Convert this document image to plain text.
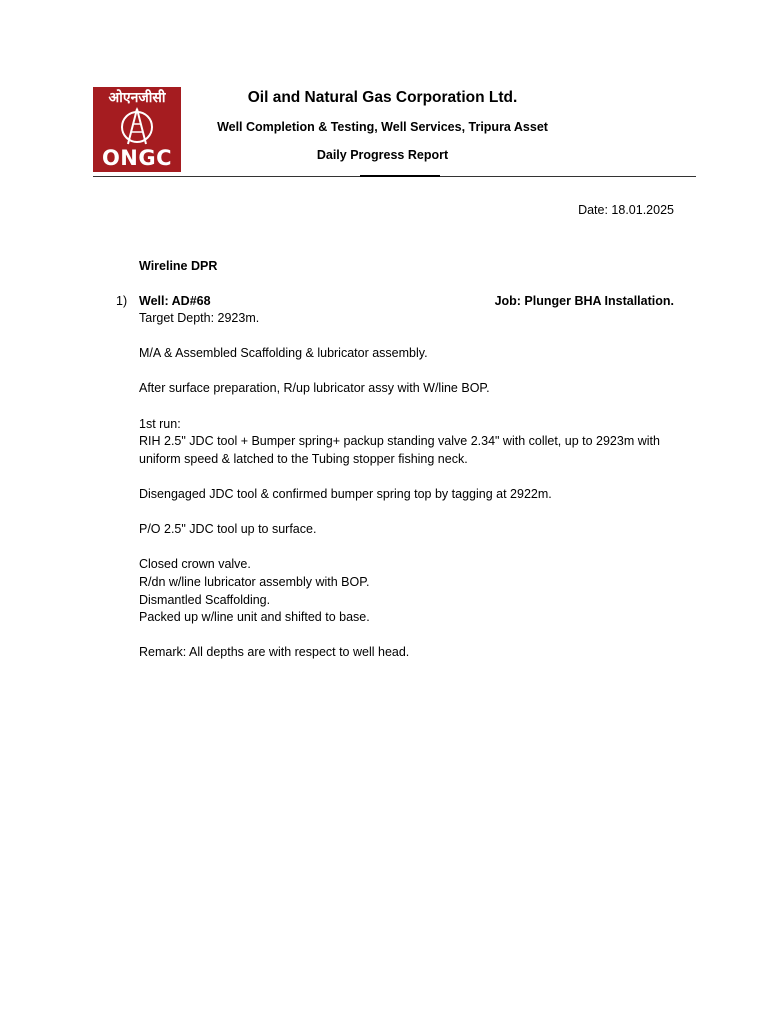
ओएनजीसी
ONGC
Oil and Natural Gas Corporation Ltd.
Well Completion & Testing, Well Services, Tripura Asset
Daily Progress Report
Date: 18.01.2025
Wireline DPR
1) Well: AD#68	Job: Plunger BHA Installation.

Target Depth: 2923m.

M/A & Assembled Scaffolding & lubricator assembly.

After surface preparation, R/up lubricator assy with W/line BOP.

1st run:

RIH 2.5" JDC tool + Bumper spring+ packup standing valve 2.34" with collet, up to 2923m with uniform speed & latched to the Tubing stopper fishing neck.

Disengaged JDC tool & confirmed bumper spring top by tagging at 2922m.

P/O 2.5" JDC tool up to surface.

Closed crown valve.

R/dn w/line lubricator assembly with BOP.

Dismantled Scaffolding.

Packed up w/line unit and shifted to base.

Remark: All depths are with respect to well head.
